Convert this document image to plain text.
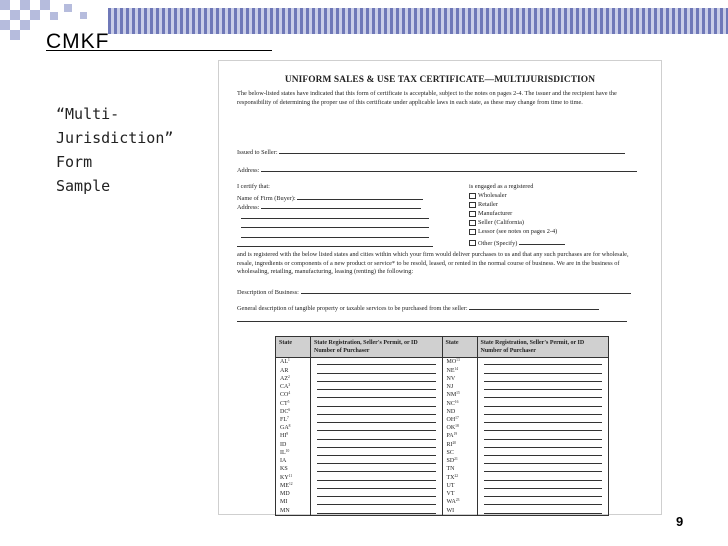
CMKF
“Multi-
Jurisdiction”
Form
Sample
UNIFORM SALES & USE TAX CERTIFICATE—MULTIJURISDICTION
The below-listed states have indicated that this form of certificate is acceptable, subject to the notes on pages 2-4. The issuer and the recipient have the responsibility of determining the proper use of this certificate under applicable laws in each state, as these may change from time to time.
Issued to Seller:
Address:
I certify that:
Name of Firm (Buyer):
Address:
is engaged as a registered
Wholesaler
Retailer
Manufacturer
Seller (California)
Lessor (see notes on pages 2-4)
Other (Specify)
and is registered with the below listed states and cities within which your firm would deliver purchases to us and that any such purchases are for wholesale, resale, ingredients or components of a new product or service* to be resold, leased, or rented in the normal course of business. We are in the business of wholesaling, retailing, manufacturing, leasing (renting) the following:
Description of Business:
General description of tangible property or taxable services to be purchased from the seller:
State	State Registration, Seller's Permit, or ID Number of Purchaser	State	State Registration, Seller's Permit, or ID Number of Purchaser
$AL^1$		MO$^{13}$	

AR		NE$^{14}$	

$AZ^2$		NV	

$CA^3$		NJ	

$CO^4$		NM$^{15}$	

$CT^5$		NC$^{16}$	

$DC^6$		ND	

$FL^7$		OH$^{17}$	

$GA^8$		OK$^{18}$	

$HI^9$		PA$^{19}$	

ID		RI$^{20}$	

IL$^{10}$		SC	

IA		SD$^{21}$	

KS		TN	

KY$^{11}$		TX$^{22}$	

ME$^{12}$		UT	

MD		VT	

MI		WA$^{23}$	

MN		WI	
9
